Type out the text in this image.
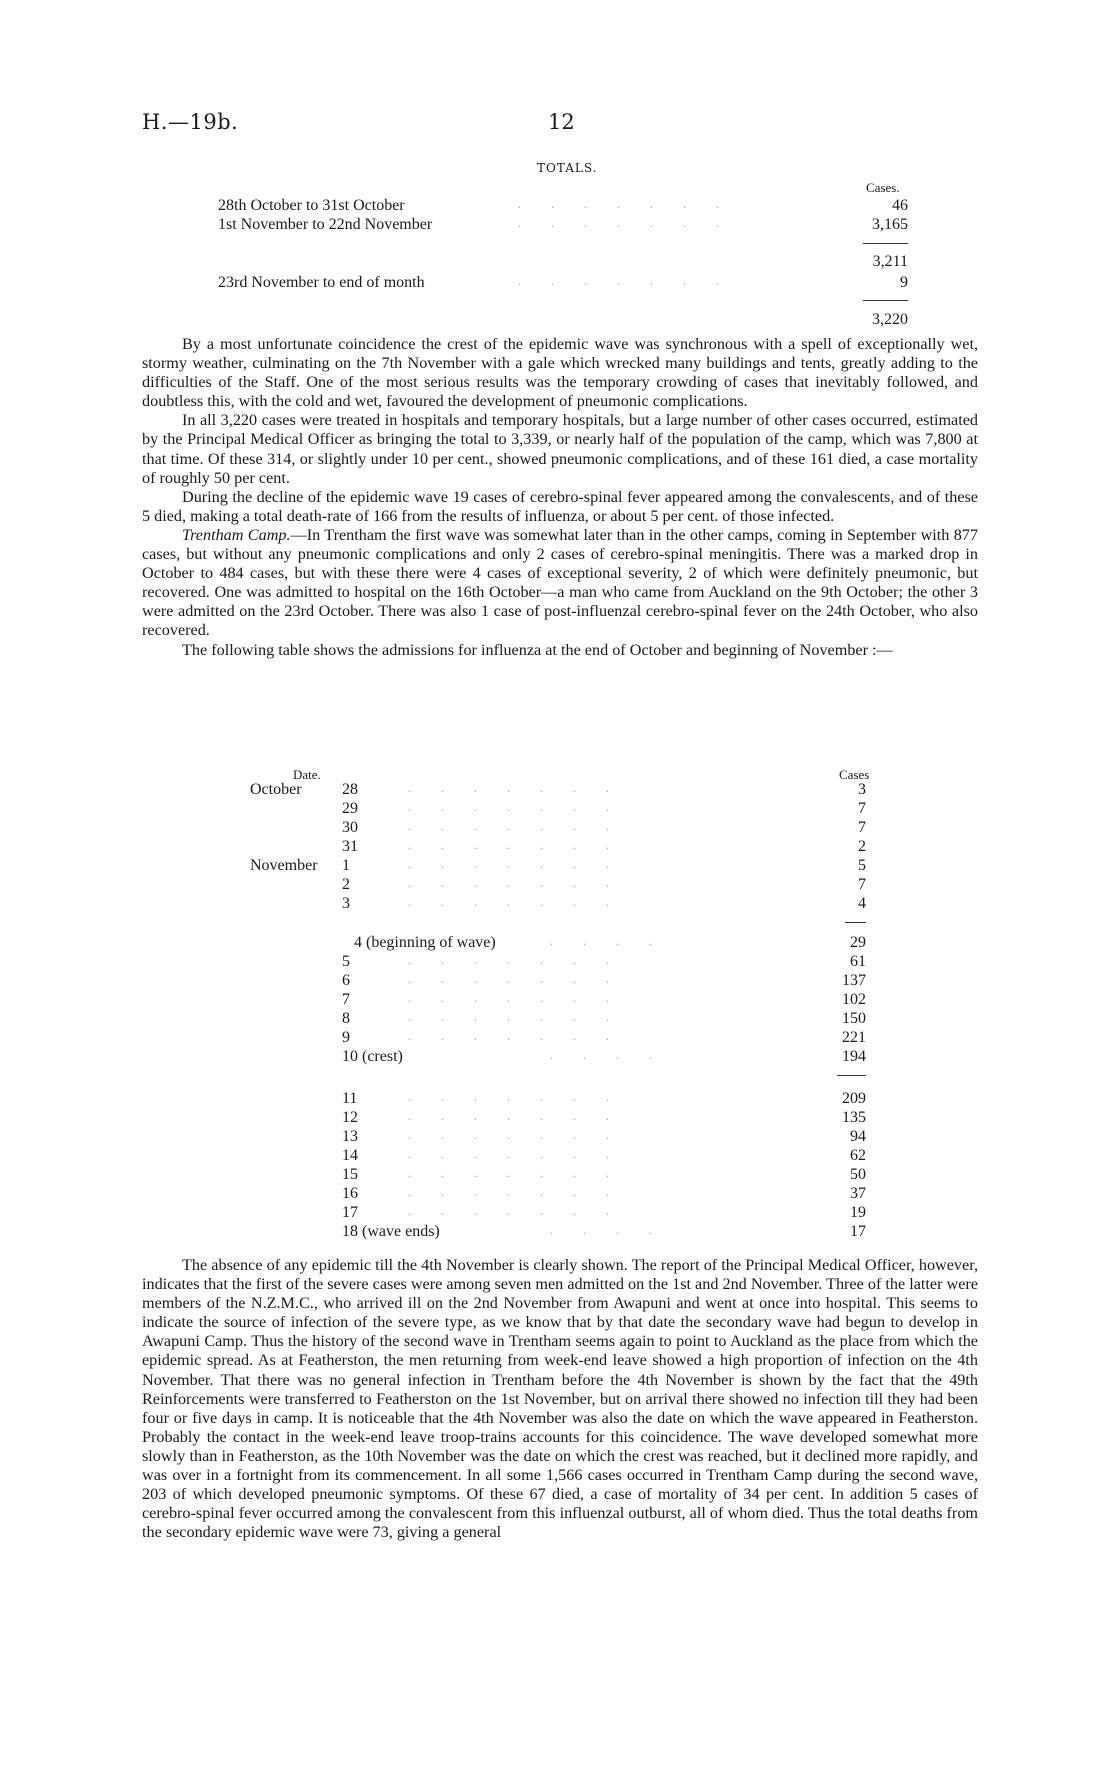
H.—19b.	12
TOTALS.
Cases.
28th October to 31st October	.......	46
1st November to 22nd November	.......	3,165
3,211
23rd November to end of month	.......	9
3,220

By a most unfortunate coincidence the crest of the epidemic wave was synchronous with a spell of exceptionally wet, stormy weather, culminating on the 7th November with a gale which wrecked many buildings and tents, greatly adding to the difficulties of the Staff. One of the most serious results was the temporary crowding of cases that inevitably followed, and doubtless this, with the cold and wet, favoured the development of pneumonic complications.

In all 3,220 cases were treated in hospitals and temporary hospitals, but a large number of other cases occurred, estimated by the Principal Medical Officer as bringing the total to 3,339, or nearly half of the population of the camp, which was 7,800 at that time. Of these 314, or slightly under 10 per cent., showed pneumonic complications, and of these 161 died, a case mortality of roughly 50 per cent.

During the decline of the epidemic wave 19 cases of cerebro-spinal fever appeared among the convalescents, and of these 5 died, making a total death-rate of 166 from the results of influenza, or about 5 per cent. of those infected.

Trentham Camp.—In Trentham the first wave was somewhat later than in the other camps, coming in September with 877 cases, but without any pneumonic complications and only 2 cases of cerebro-spinal meningitis. There was a marked drop in October to 484 cases, but with these there were 4 cases of exceptional severity, 2 of which were definitely pneumonic, but recovered. One was admitted to hospital on the 16th October—a man who came from Auckland on the 9th October; the other 3 were admitted on the 23rd October. There was also 1 case of post-influenzal cerebro-spinal fever on the 24th October, who also recovered.

The following table shows the admissions for influenza at the end of October and beginning of November :—

Date.	Cases
October	28	.......	3
29	.......	7
30	.......	7
31	.......	2
November 1	.......	5
2	.......	7
3	.......	4
4 (beginning of wave)	....	29
5	.......	61
6	.......	137
7	.......	102
8	.......	150
9	.......	221
10 (crest)	....	194
11	.......	209
12	.......	135
13	.......	94
14	.......	62
15	.......	50
16	.......	37
17	.......	19
18 (wave ends)	....	17

The absence of any epidemic till the 4th November is clearly shown. The report of the Principal Medical Officer, however, indicates that the first of the severe cases were among seven men admitted on the 1st and 2nd November. Three of the latter were members of the N.Z.M.C., who arrived ill on the 2nd November from Awapuni and went at once into hospital. This seems to indicate the source of infection of the severe type, as we know that by that date the secondary wave had begun to develop in Awapuni Camp. Thus the history of the second wave in Trentham seems again to point to Auckland as the place from which the epidemic spread. As at Featherston, the men returning from week-end leave showed a high proportion of infection on the 4th November. That there was no general infection in Trentham before the 4th November is shown by the fact that the 49th Reinforcements were transferred to Featherston on the 1st November, but on arrival there showed no infection till they had been four or five days in camp. It is noticeable that the 4th November was also the date on which the wave appeared in Featherston. Probably the contact in the week-end leave troop-trains accounts for this coincidence. The wave developed somewhat more slowly than in Featherston, as the 10th November was the date on which the crest was reached, but it declined more rapidly, and was over in a fortnight from its commencement. In all some 1,566 cases occurred in Trentham Camp during the second wave, 203 of which developed pneumonic symptoms. Of these 67 died, a case of mortality of 34 per cent. In addition 5 cases of cerebro-spinal fever occurred among the convalescent from this influenzal outburst, all of whom died. Thus the total deaths from the secondary epidemic wave were 73, giving a general
